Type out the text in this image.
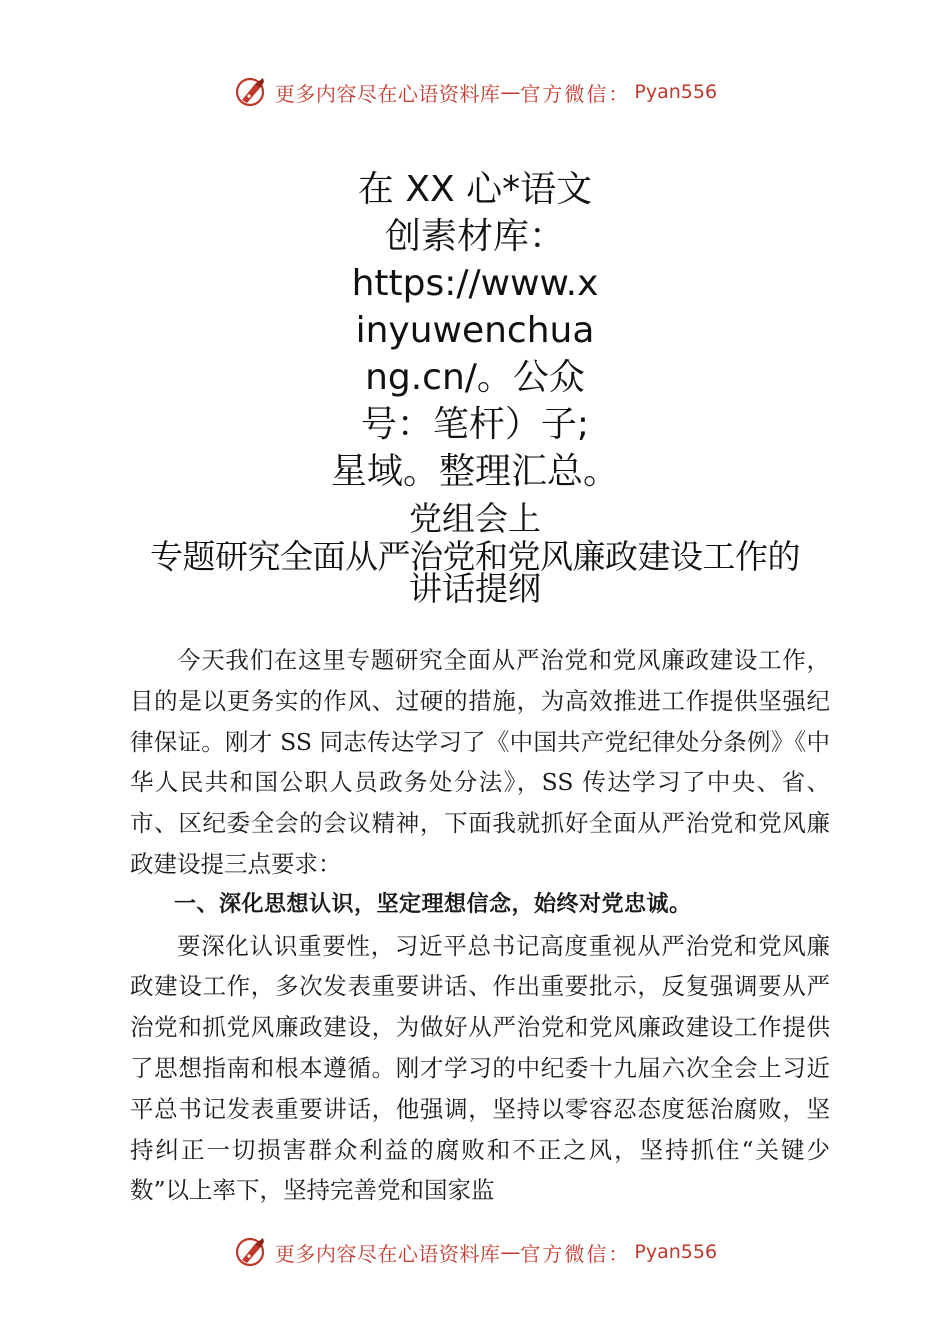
更多内容尽在心语资料库 — 官方微信： Pyan556
在 XX 心*语文
创素材库：
https://www.x
inyuwenchua
ng.cn/。公众
号：笔杆）子;
星域。整理汇总。
党组会上
专题研究全面从严治党和党风廉政建设工作的
讲话提纲

今天我们在这里专题研究全面从严治党和党风廉政建设工作，目的是以更务实的作风、过硬的措施，为高效推进工作提供坚强纪律保证。刚才 SS 同志传达学习了《中国共产党纪律处分条例》《中华人民共和国公职人员政务处分法》，SS 传达学习了中央、省、市、区纪委全会的会议精神，下面我就抓好全面从严治党和党风廉政建设提三点要求：

一、深化思想认识，坚定理想信念，始终对党忠诚。

要深化认识重要性，习近平总书记高度重视从严治党和党风廉政建设工作，多次发表重要讲话、作出重要批示，反复强调要从严治党和抓党风廉政建设，为做好从严治党和党风廉政建设工作提供了思想指南和根本遵循。刚才学习的中纪委十九届六次全会上习近平总书记发表重要讲话，他强调，坚持以零容忍态度惩治腐败，坚持纠正一切损害群众利益的腐败和不正之风，坚持抓住“关键少数”以上率下，坚持完善党和国家监

更多内容尽在心语资料库 — 官方微信： Pyan556
